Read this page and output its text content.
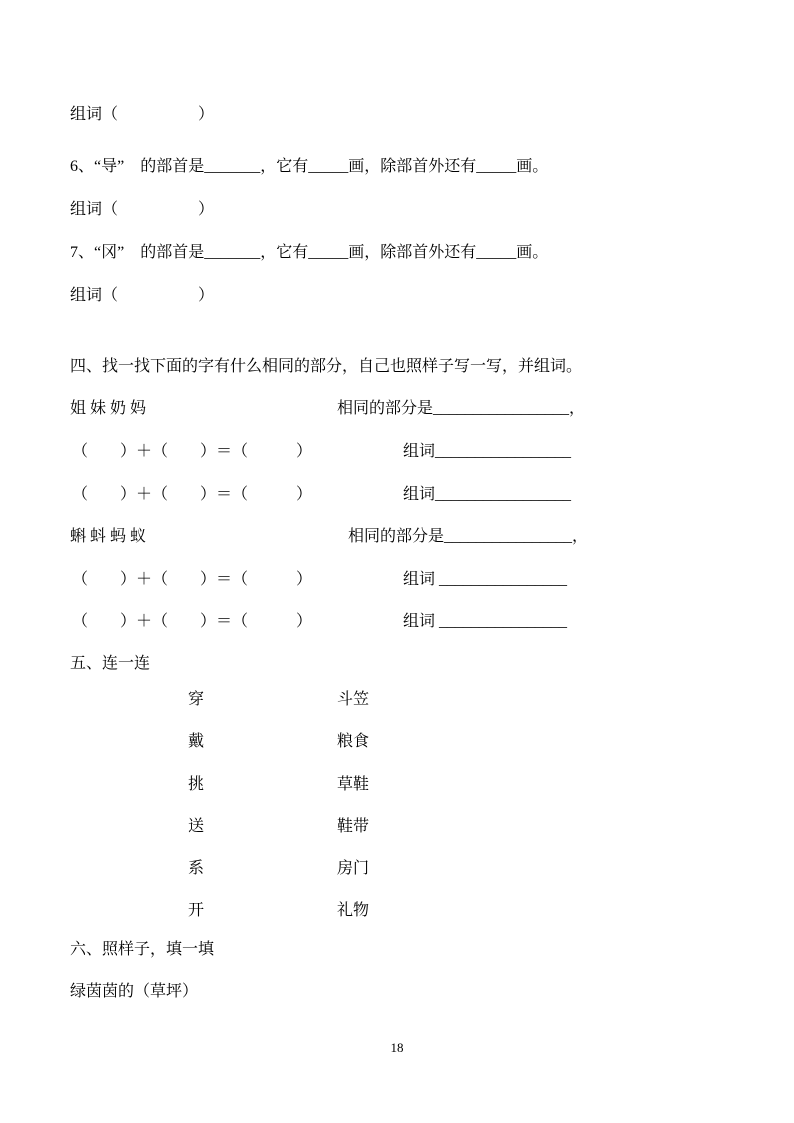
组词（　　　　　）
6、“导”　的部首是_______，它有_____画，除部首外还有_____画。
组词（　　　　　）
7、“冈”　的部首是_______，它有_____画，除部首外还有_____画。
组词（　　　　　）
四、找一找下面的字有什么相同的部分，自己也照样子写一写，并组词。
姐 妹 奶 妈	相同的部分是_________________，
（　　）＋（　　）＝（　　　）	组词_________________
（　　）＋（　　）＝（　　　）	组词_________________
蝌 蚪 蚂 蚁	相同的部分是________________，
（　　）＋（　　）＝（　　　）	组词 ________________
（　　）＋（　　）＝（　　　）	组词 ________________
五、连一连
穿	斗笠
戴	粮食
挑	草鞋
送	鞋带
系	房门
开	礼物
六、照样子，填一填
绿茵茵的（草坪）
18
